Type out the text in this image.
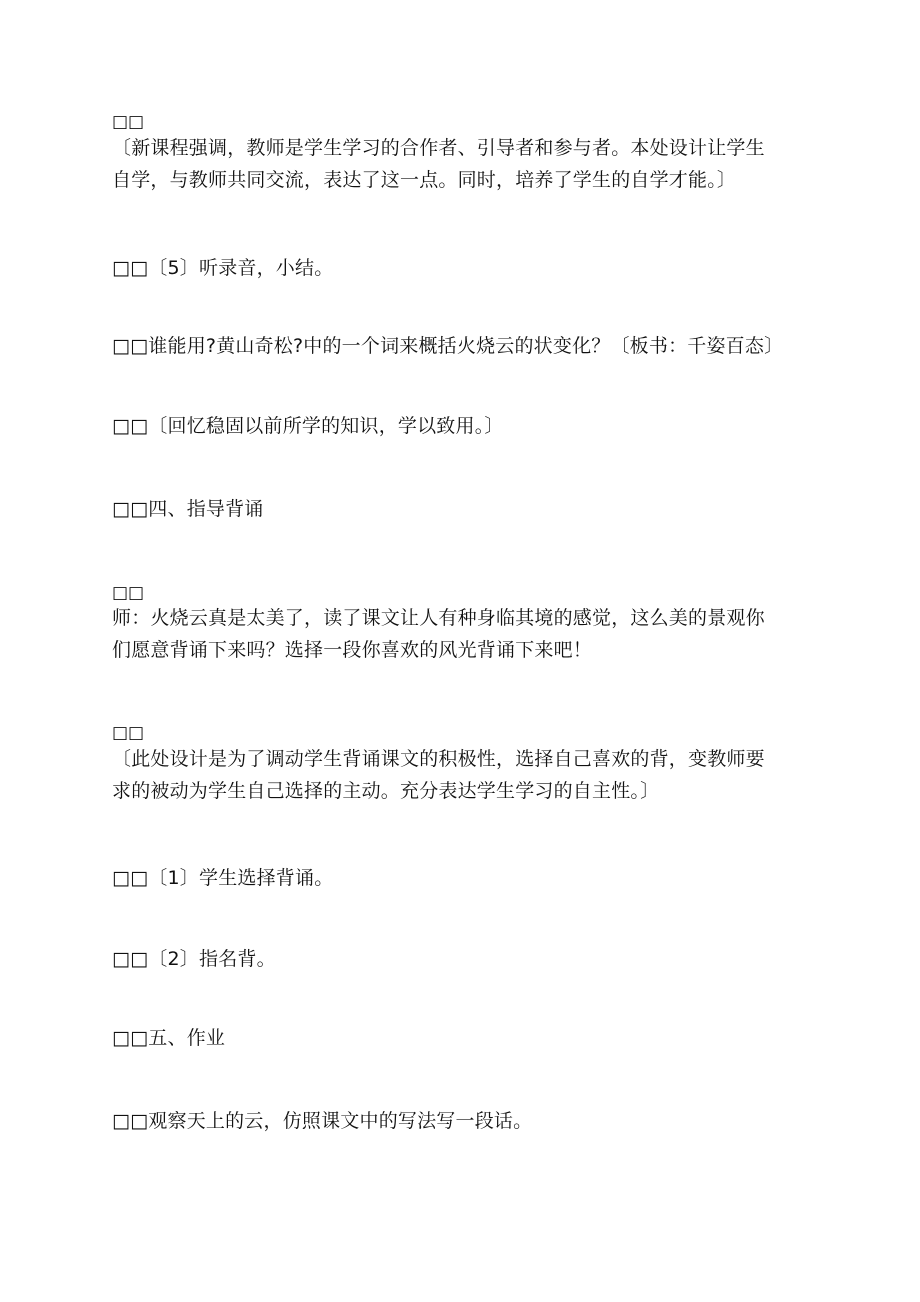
□□
〔新课程强调，教师是学生学习的合作者、引导者和参与者。本处设计让学生
自学，与教师共同交流，表达了这一点。同时，培养了学生的自学才能。〕
□□〔5〕听录音，小结。
□□谁能用?黄山奇松?中的一个词来概括火烧云的状变化？〔板书：千姿百态〕
□□〔回忆稳固以前所学的知识，学以致用。〕
□□四、指导背诵
□□
师：火烧云真是太美了，读了课文让人有种身临其境的感觉，这么美的景观你
们愿意背诵下来吗？选择一段你喜欢的风光背诵下来吧！
□□
〔此处设计是为了调动学生背诵课文的积极性，选择自己喜欢的背，变教师要
求的被动为学生自己选择的主动。充分表达学生学习的自主性。〕
□□〔1〕学生选择背诵。
□□〔2〕指名背。
□□五、作业
□□观察天上的云，仿照课文中的写法写一段话。
